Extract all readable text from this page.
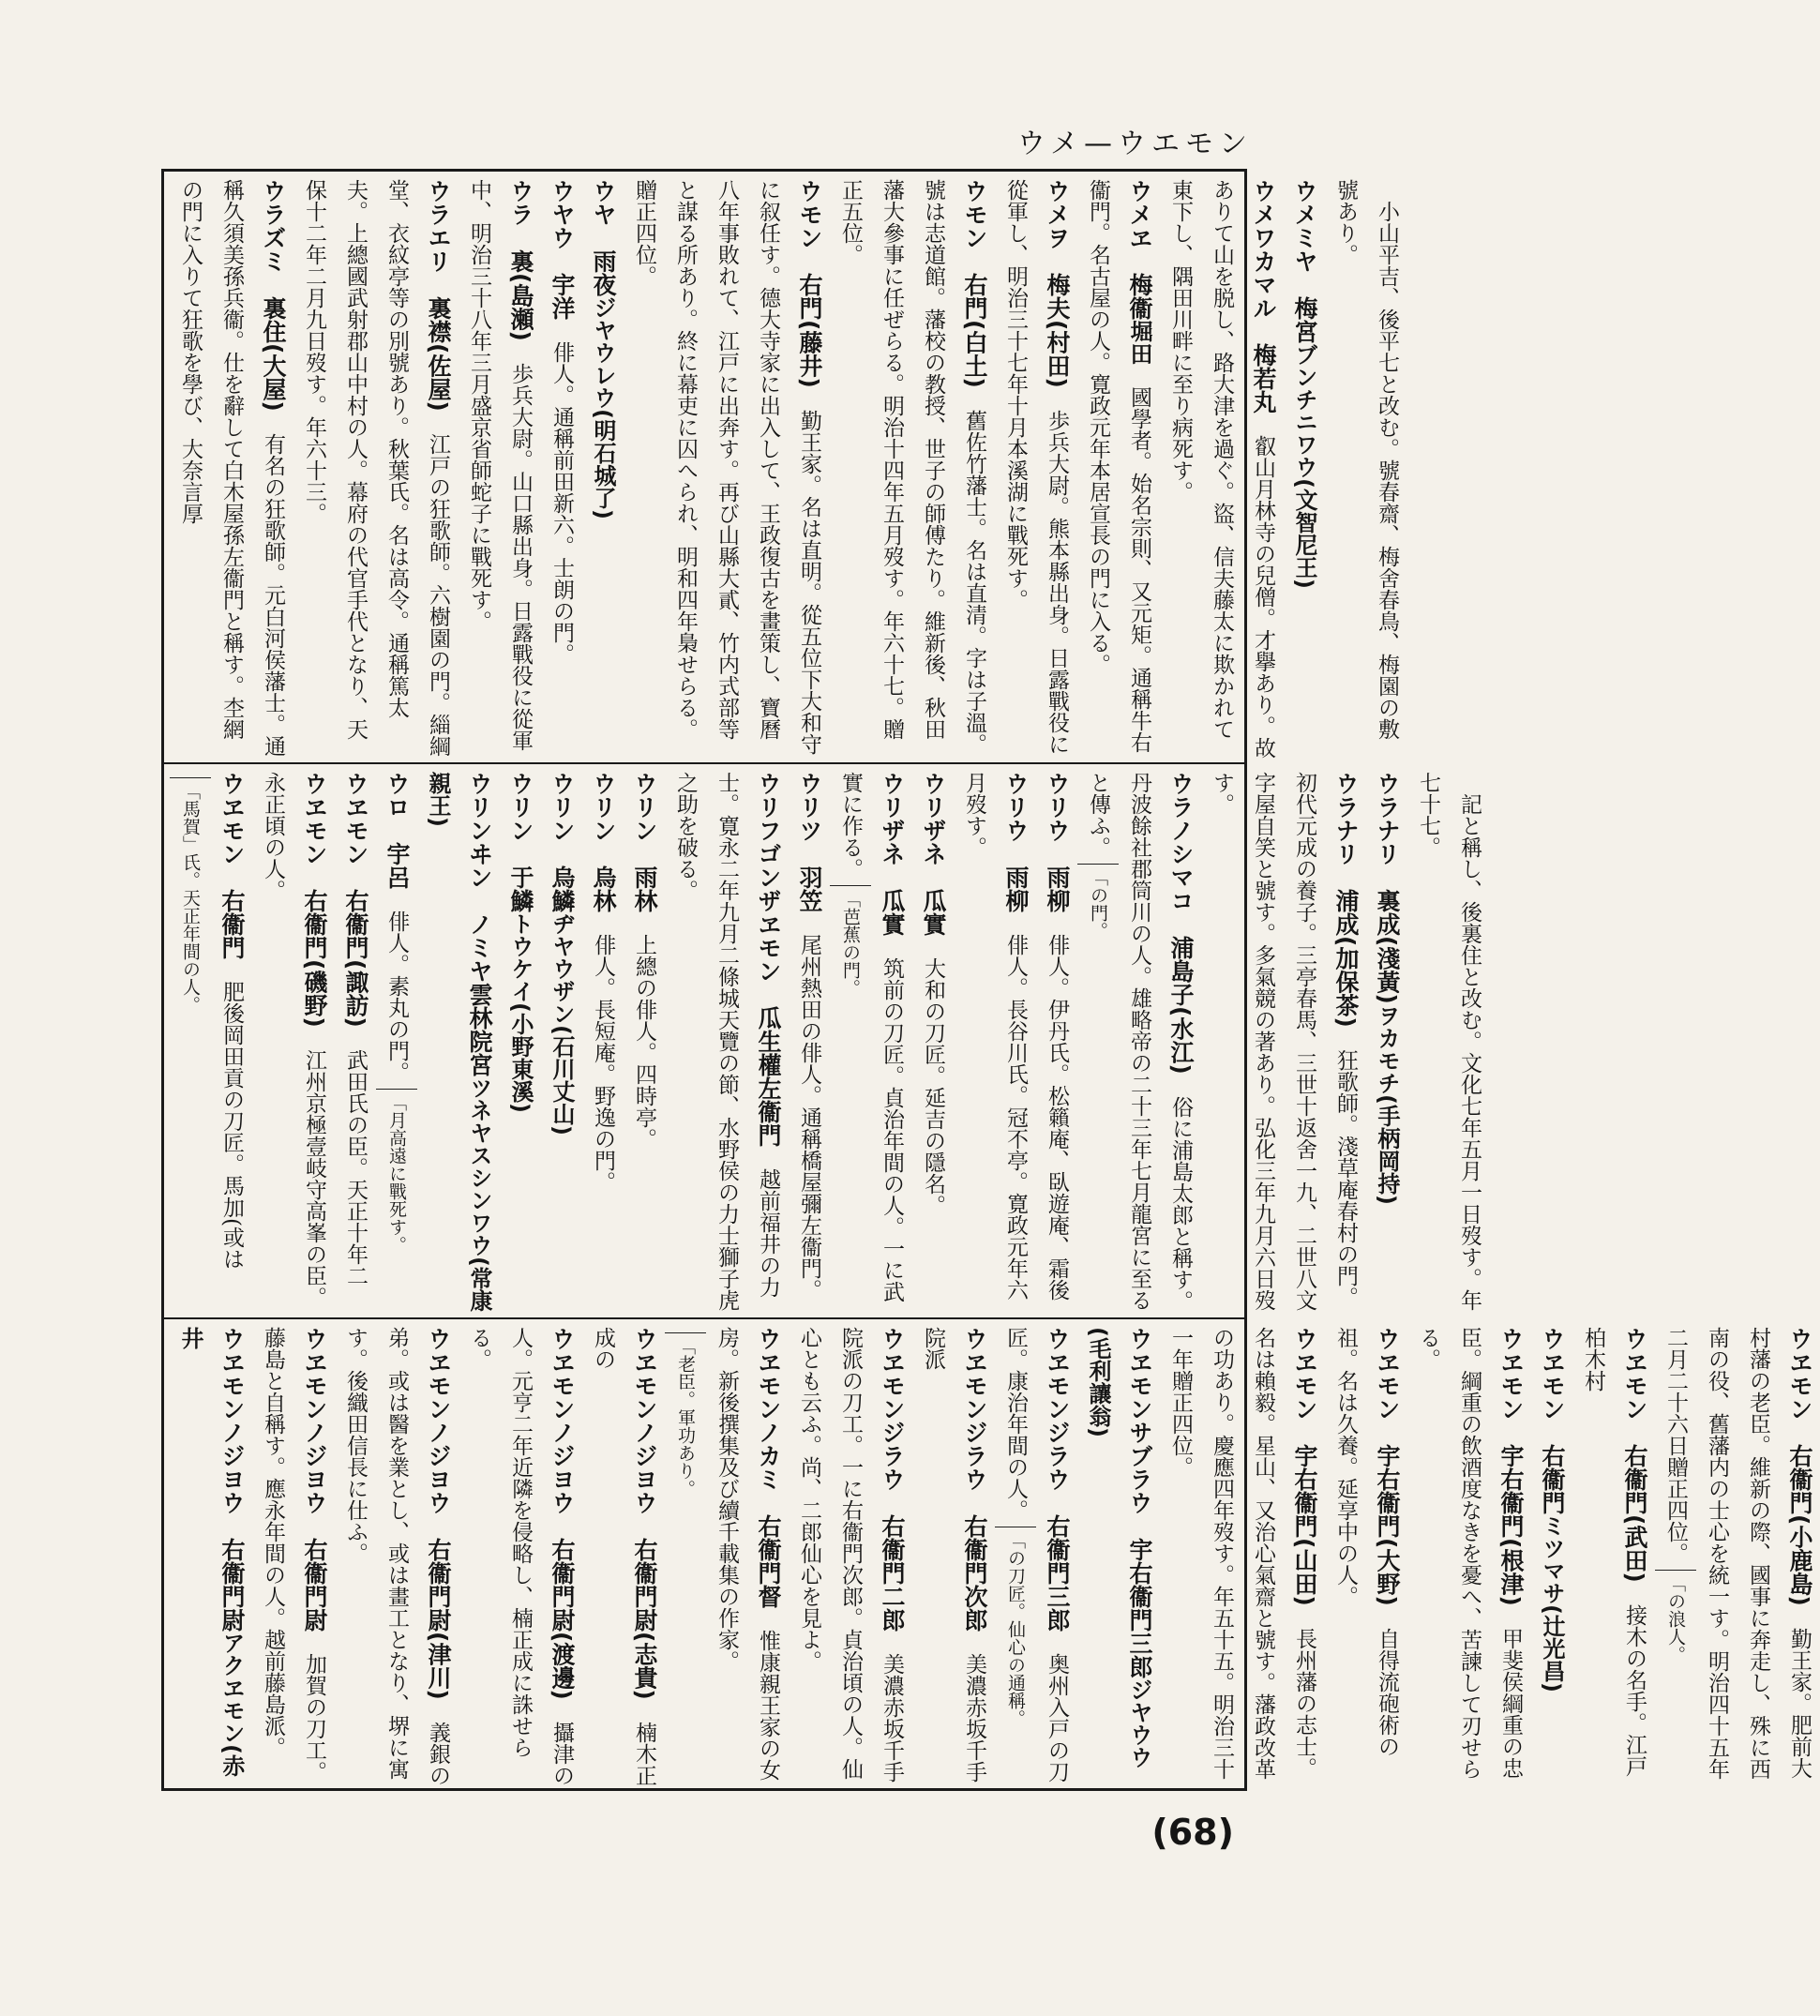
ウメ—ウエモン
　小山平吉、後平七と改む。號春齋、梅舍春鳥、梅園の敷號あり。
ウメミヤ　梅宮ブンチニワウ(文智尼王)
ウメワカマル　梅若丸　叡山月林寺の兒僧。才擧あり。故ありて山を脱し、路大津を過ぐ。盜、信夫藤太に欺かれて東下し、隅田川畔に至り病死す。
ウメヱ　梅衞堀田　國學者。始名宗則、又元矩。通稱牛右衞門。名古屋の人。寛政元年本居宣長の門に入る。
ウメヲ　梅夫(村田)　歩兵大尉。熊本縣出身。日露戰役に從軍し、明治三十七年十月本溪湖に戰死す。
ウモン　右門(白土)　舊佐竹藩士。名は直清。字は子溫。號は志道館。藩校の教授、世子の師傅たり。維新後、秋田藩大參事に任ぜらる。明治十四年五月歿す。年六十七。贈正五位。
ウモン　右門(藤井)　勤王家。名は直明。從五位下大和守に叙任す。德大寺家に出入して、王政復古を畫策し、寶曆八年事敗れて、江戸に出奔す。再び山縣大貳、竹内式部等と謀る所あり。終に幕吏に囚へられ、明和四年梟せらる。贈正四位。
ウヤ　雨夜ジヤウレウ(明石城了)
ウヤウ　宇洋　俳人。通稱前田新六。士朗の門。
ウラ　裏(島瀬)　歩兵大尉。山口縣出身。日露戰役に從軍中、明治三十八年三月盛京省師蛇子に戰死す。
ウラエリ　裏襟(佐屋)　江戸の狂歌師。六樹園の門。緇綱堂、衣紋亭等の別號あり。秋葉氏。名は高令。通稱篤太夫。上總國武射郡山中村の人。幕府の代官手代となり、天保十二年二月九日歿す。年六十三。
ウラズミ　裏住(大屋)　有名の狂歌師。元白河侯藩士。通稱久須美孫兵衞。仕を辭して白木屋孫左衞門と稱す。杢網の門に入りて狂歌を學び、大奈言厚
　記と稱し、後裏住と改む。文化七年五月一日歿す。年七十七。
ウラナリ　裏成(淺黃)ヲカモチ(手柄岡持)
ウラナリ　浦成(加保茶)　狂歌師。淺草庵春村の門。初代元成の養子。三亭春馬、三世十返舍一九、二世八文字屋自笑と號す。多氣競の著あり。弘化三年九月六日歿す。
ウラノシマコ　浦島子(水江)　俗に浦島太郎と稱す。丹波餘社郡筒川の人。雄略帝の二十三年七月龍宮に至ると傳ふ。「の門。
ウリウ　雨柳　俳人。伊丹氏。松籟庵、臥遊庵、霜後
ウリウ　雨柳　俳人。長谷川氏。冠不亭。寛政元年六月歿す。
ウリザネ　瓜實　大和の刀匠。延吉の隱名。
ウリザネ　瓜實　筑前の刀匠。貞治年間の人。一に武實に作る。「芭蕉の門。
ウリツ　羽笠　尾州熱田の俳人。通稱橋屋彌左衞門。
ウリフゴンザヱモン　瓜生權左衞門　越前福井の力士。寛永二年九月二條城天覽の節、水野侯の力士獅子虎之助を破る。
ウリン　雨林　上總の俳人。四時亭。
ウリン　烏林　俳人。長短庵。野逸の門。
ウリン　烏鱗ヂヤウザン(石川丈山)
ウリン　于鱗トウケイ(小野東溪)
ウリンヰン　ノミヤ雲林院宮ツネヤスシンワウ(常康親王)
ウロ　宇呂　俳人。素丸の門。「月高遠に戰死す。
ウヱモン　右衞門(諏訪)　武田氏の臣。天正十年二
ウヱモン　右衞門(磯野)　江州京極壹岐守高峯の臣。永正頃の人。
ウヱモン　右衞門　肥後岡田貢の刀匠。馬加(或は「馬賀」氏。天正年間の人。
ウヱモン　右衞門(小鹿島)　勤王家。肥前大村藩の老臣。維新の際、國事に奔走し、殊に西南の役、舊藩内の士心を統一す。明治四十五年二月二十六日贈正四位。「の浪人。
ウヱモン　右衞門(武田)　接木の名手。江戸柏木村
ウヱモン　右衞門ミツマサ(辻光昌)
ウヱモン　宇右衞門(根津)　甲斐侯綱重の忠臣。綱重の飲酒度なきを憂へ、苦諫して刃せらる。
ウヱモン　宇右衞門(大野)　自得流砲術の祖。名は久養。延享中の人。
ウヱモン　宇右衞門(山田)　長州藩の志士。名は賴毅。星山、又治心氣齋と號す。藩政改革の功あり。慶應四年歿す。年五十五。明治三十一年贈正四位。
ウヱモンサブラウ　宇右衞門三郎ジヤウウ(毛利讓翁)
ウヱモンジラウ　右衞門三郎　奥州入戸の刀匠。康治年間の人。「の刀匠。仙心の通稱。
ウヱモンジラウ　右衞門次郎　美濃赤坂千手院派
ウヱモンジラウ　右衞門二郎　美濃赤坂千手院派の刀工。一に右衞門次郎。貞治頃の人。仙心とも云ふ。尚、二郎仙心を見よ。
ウヱモンノカミ　右衞門督　惟康親王家の女房。新後撰集及び續千載集の作家。「老臣。軍功あり。
ウヱモンノジヨウ　右衞門尉(志貴)　楠木正成の
ウヱモンノジヨウ　右衞門尉(渡邊)　攝津の人。元亨二年近隣を侵略し、楠正成に誅せらる。
ウヱモンノジヨウ　右衞門尉(津川)　義銀の弟。或は醫を業とし、或は畫工となり、堺に寓す。後織田信長に仕ふ。
ウヱモンノジヨウ　右衞門尉　加賀の刀工。藤島と自稱す。應永年間の人。越前藤島派。
ウヱモンノジヨウ　右衞門尉アクヱモン(赤井
(68)
